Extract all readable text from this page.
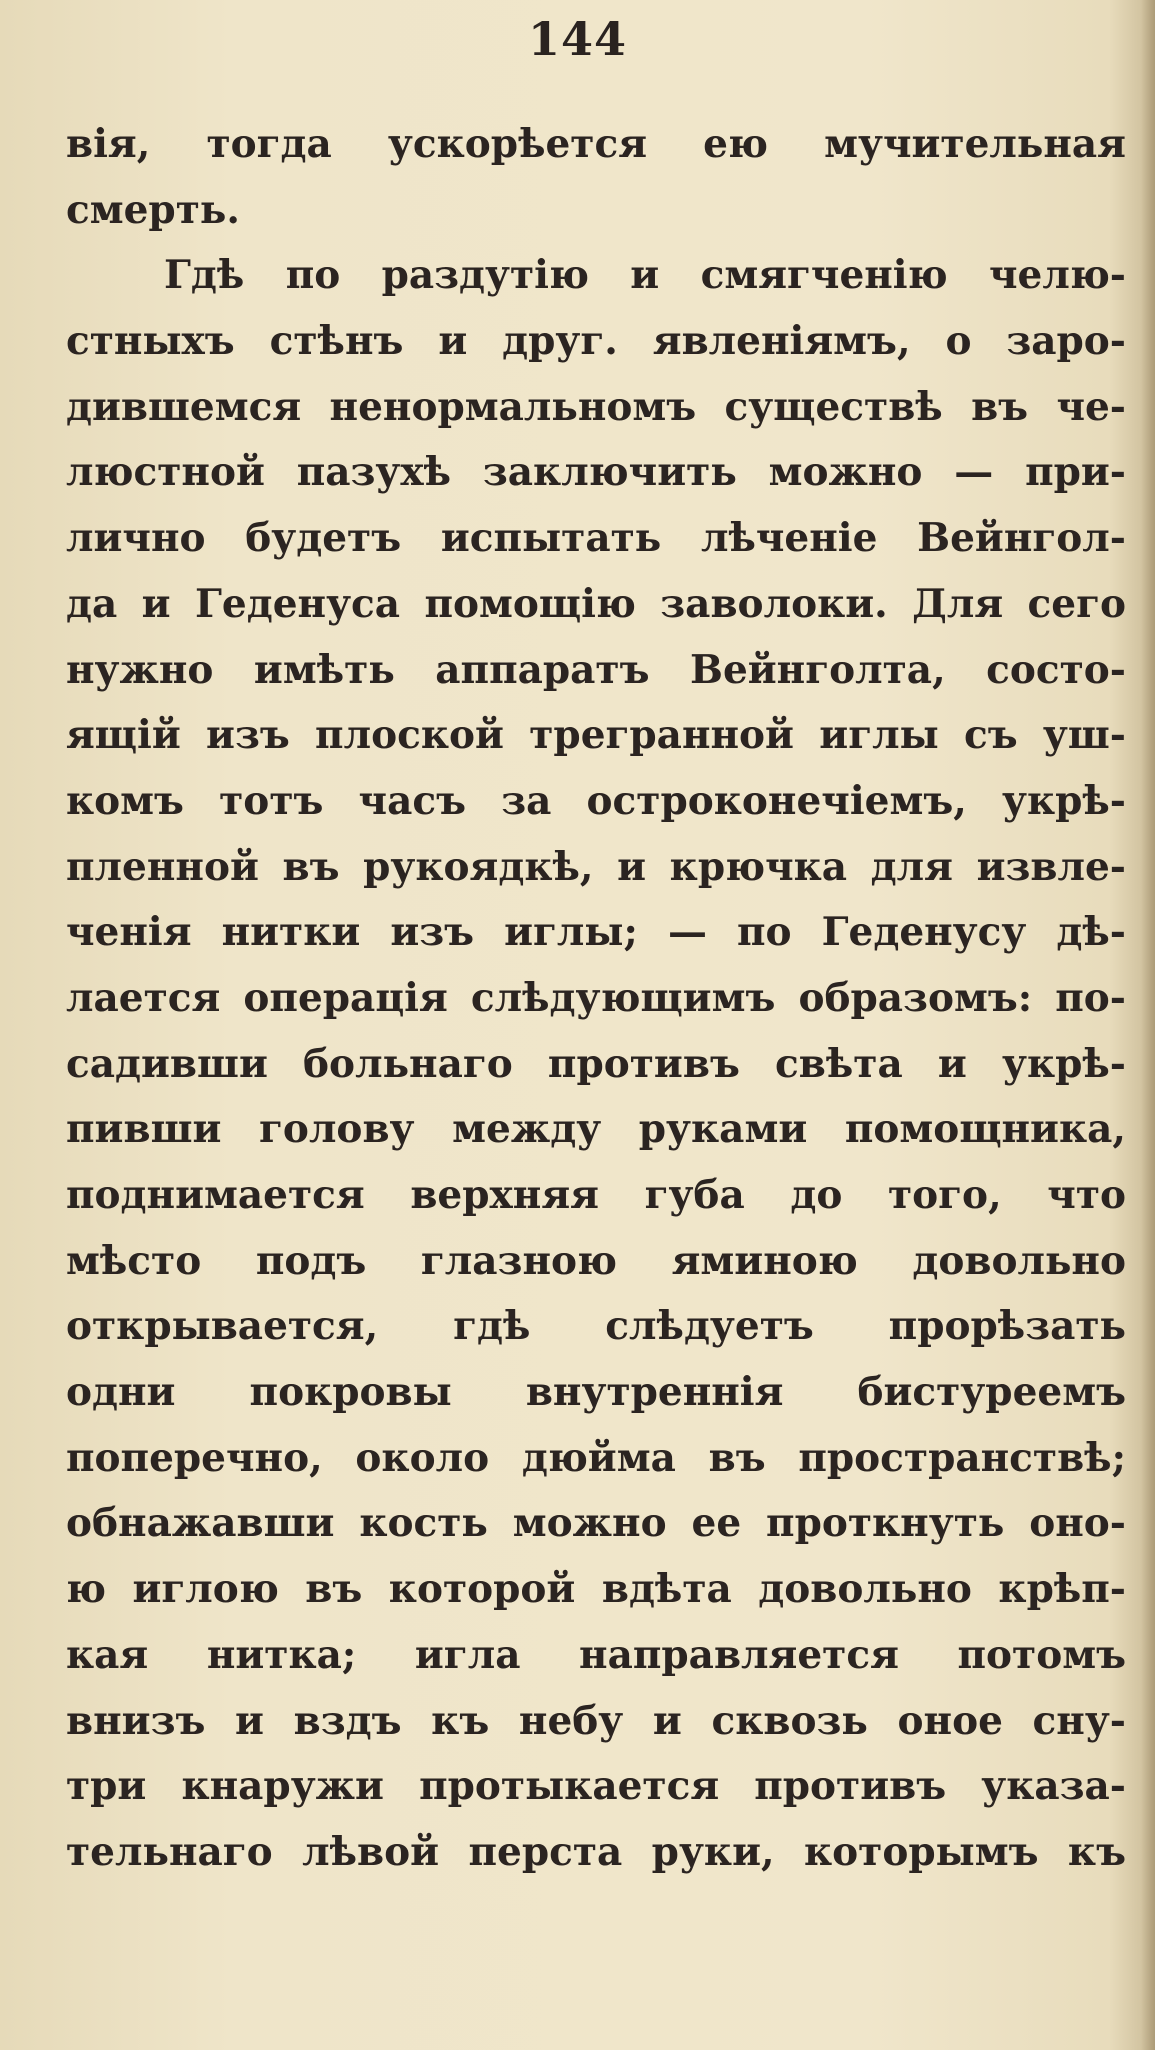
144
вія, тогда ускорѣется ею мучительная
смерть.
Гдѣ по раздутію и смягченію челю-
стныхъ стѣнъ и друг. явленіямъ, о заро-
дившемся ненормальномъ существѣ въ че-
люстной пазухѣ заключить можно — при-
лично будетъ испытать лѣченіе Вейнгол-
да и Геденуса помощію заволоки. Для сего
нужно имѣть аппаратъ Вейнголта, состо-
ящій изъ плоской трегранной иглы съ уш-
комъ тотъ часъ за остроконечіемъ, укрѣ-
пленной въ рукоядкѣ, и крючка для извле-
ченія нитки изъ иглы; — по Геденусу дѣ-
лается операція слѣдующимъ образомъ: по-
садивши больнаго противъ свѣта и укрѣ-
пивши голову между руками помощника,
поднимается верхняя губа до того, что
мѣсто подъ глазною яминою довольно
открывается, гдѣ слѣдуетъ прорѣзать
одни покровы внутреннія бистуреемъ
поперечно, около дюйма въ пространствѣ;
обнажавши кость можно ее проткнуть оно-
ю иглою въ которой вдѣта довольно крѣп-
кая нитка; игла направляется потомъ
внизъ и вздъ къ небу и сквозь оное сну-
три кнаружи протыкается противъ указа-
тельнаго лѣвой перста руки, которымъ къ
